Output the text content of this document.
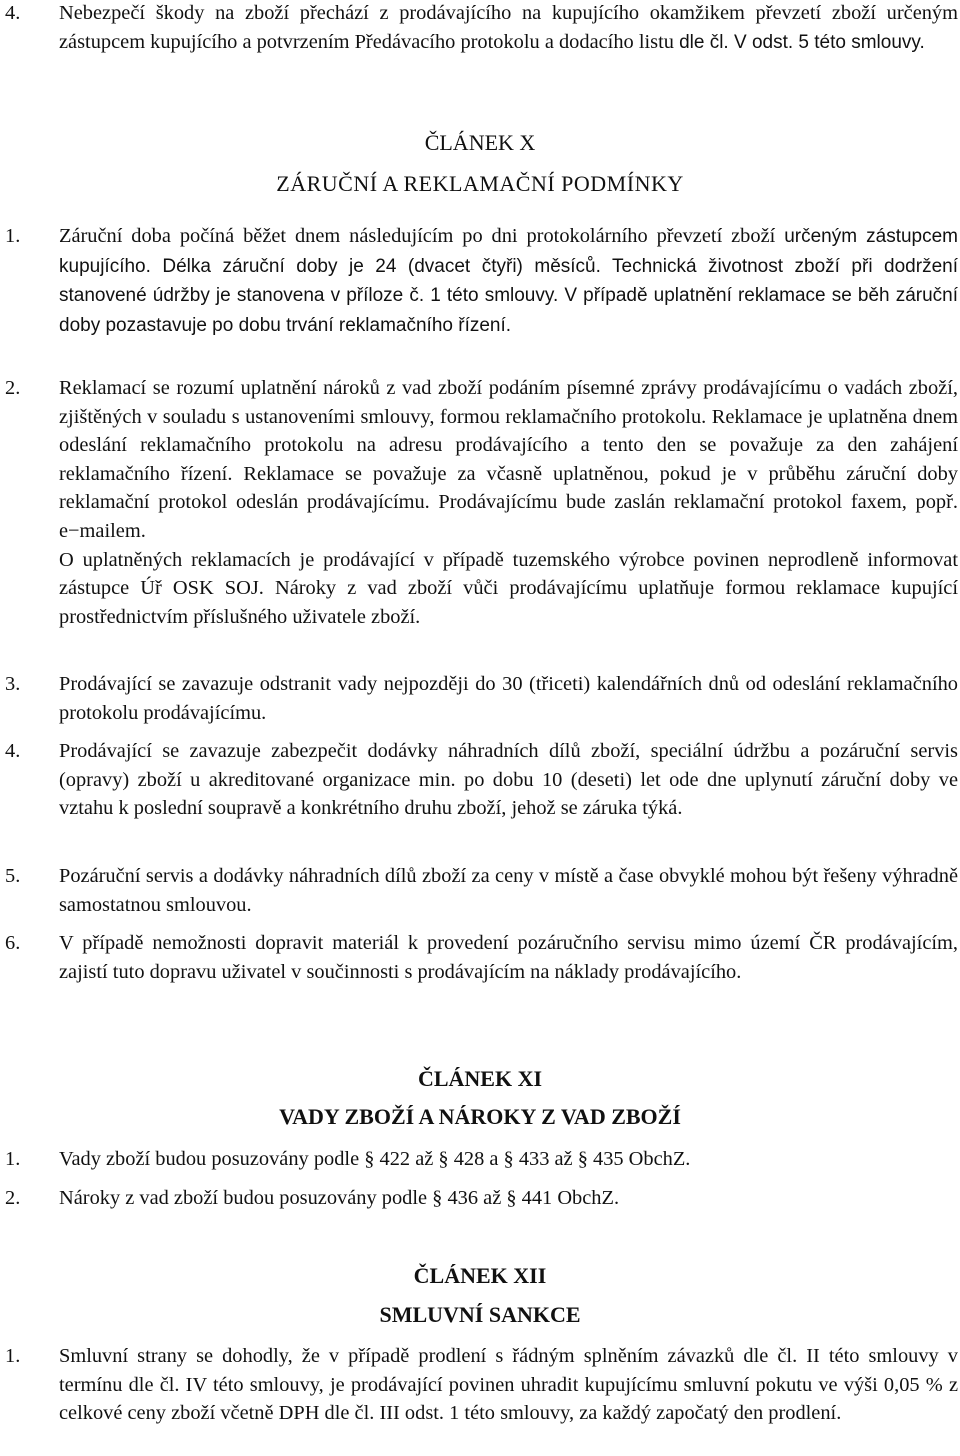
4.	Nebezpečí škody na zboží přechází z prodávajícího na kupujícího okamžikem převzetí zboží určeným zástupcem kupujícího a potvrzením Předávacího protokolu a dodacího listu dle čl. V odst. 5 této smlouvy.
ČLÁNEK X
ZÁRUČNÍ A REKLAMAČNÍ PODMÍNKY
1.	Záruční doba počíná běžet dnem následujícím po dni protokolárního převzetí zboží určeným zástupcem kupujícího. Délka záruční doby je 24 (dvacet čtyři) měsíců. Technická životnost zboží při dodržení stanovené údržby je stanovena v příloze č. 1 této smlouvy. V případě uplatnění reklamace se běh záruční doby pozastavuje po dobu trvání reklamačního řízení.
2.	Reklamací se rozumí uplatnění nároků z vad zboží podáním písemné zprávy prodávajícímu o vadách zboží, zjištěných v souladu s ustanoveními smlouvy, formou reklamačního protokolu. Reklamace je uplatněna dnem odeslání reklamačního protokolu na adresu prodávajícího a tento den se považuje za den zahájení reklamačního řízení. Reklamace se považuje za včasně uplatněnou, pokud je v průběhu záruční doby reklamační protokol odeslán prodávajícímu. Prodávajícímu bude zaslán reklamační protokol faxem, popř. e−mailem.

O uplatněných reklamacích je prodávající v případě tuzemského výrobce povinen neprodleně informovat zástupce Úř OSK SOJ. Nároky z vad zboží vůči prodávajícímu uplatňuje formou reklamace kupující prostřednictvím příslušného uživatele zboží.

3.	Prodávající se zavazuje odstranit vady nejpozději do 30 (třiceti) kalendářních dnů od odeslání reklamačního protokolu prodávajícímu.
4.	Prodávající se zavazuje zabezpečit dodávky náhradních dílů zboží, speciální údržbu a pozáruční servis (opravy) zboží u akreditované organizace min. po dobu 10 (deseti) let ode dne uplynutí záruční doby ve vztahu k poslední soupravě a konkrétního druhu zboží, jehož se záruka týká.
5.	Pozáruční servis a dodávky náhradních dílů zboží za ceny v místě a čase obvyklé mohou být řešeny výhradně samostatnou smlouvou.
6.	V případě nemožnosti dopravit materiál k provedení pozáručního servisu mimo území ČR prodávajícím, zajistí tuto dopravu uživatel v součinnosti s prodávajícím na náklady prodávajícího.
ČLÁNEK XI
VADY ZBOŽÍ A NÁROKY Z VAD ZBOŽÍ
1.	Vady zboží budou posuzovány podle § 422 až § 428 a § 433 až § 435 ObchZ.
2.	Nároky z vad zboží budou posuzovány podle § 436 až § 441 ObchZ.
ČLÁNEK XII
SMLUVNÍ SANKCE
1.	Smluvní strany se dohodly, že v případě prodlení s řádným splněním závazků dle čl. II této smlouvy v termínu dle čl. IV této smlouvy, je prodávající povinen uhradit kupujícímu smluvní pokutu ve výši 0,05 % z celkové ceny zboží včetně DPH dle čl. III odst. 1 této smlouvy, za každý započatý den prodlení.
